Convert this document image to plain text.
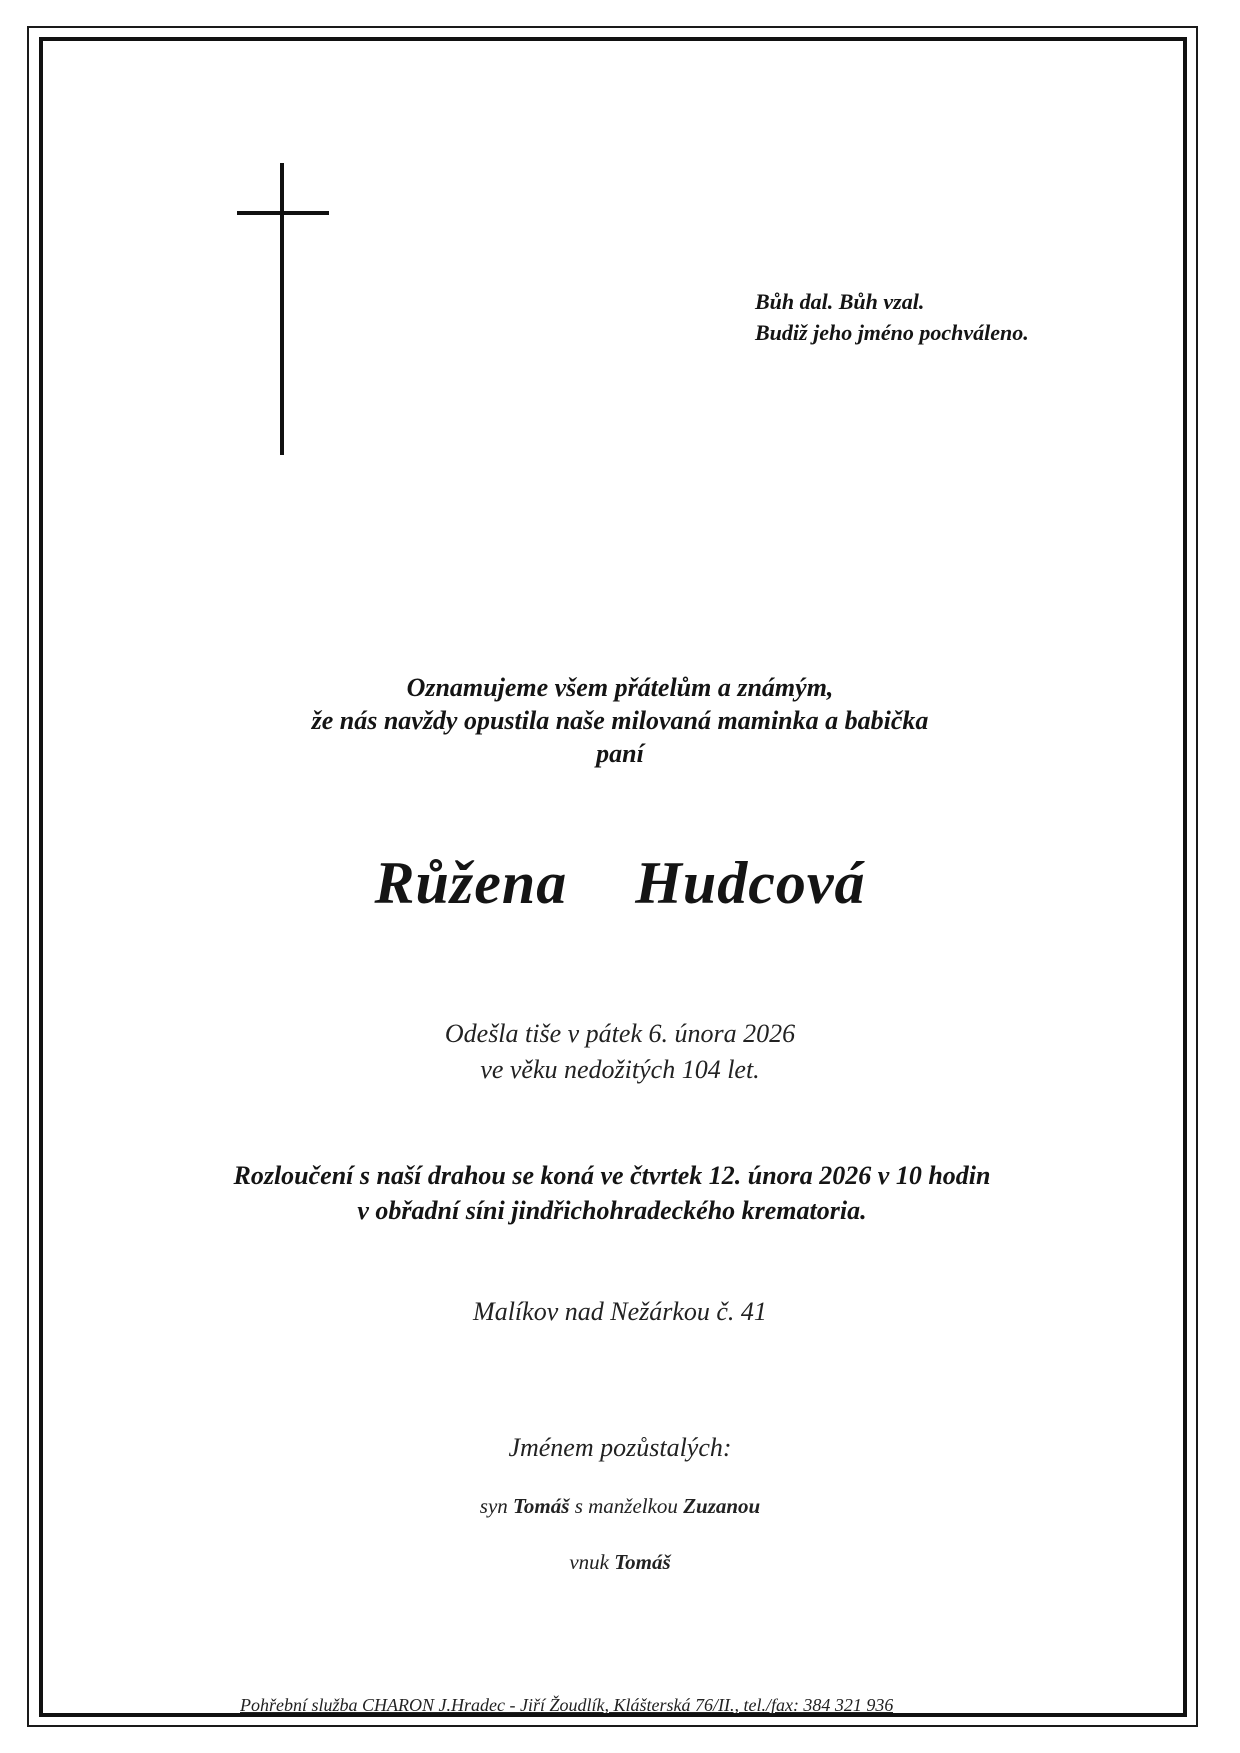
Bůh dal. Bůh vzal.
Budiž jeho jméno pochváleno.
Oznamujeme všem přátelům a známým,
že nás navždy opustila naše milovaná maminka a babička
paní
Růžena  Hudcová
Odešla tiše v pátek 6. února 2026
ve věku nedožitých 104 let.
Rozloučení s naší drahou se koná ve čtvrtek 12. února 2026 v 10 hodin
v obřadní síni jindřichohradeckého krematoria.
Malíkov nad Nežárkou č. 41
Jménem pozůstalých:
syn Tomáš s manželkou Zuzanou
vnuk Tomáš
Pohřební služba CHARON J.Hradec - Jiří Žoudlík, Klášterská 76/II., tel./fax: 384 321 936
